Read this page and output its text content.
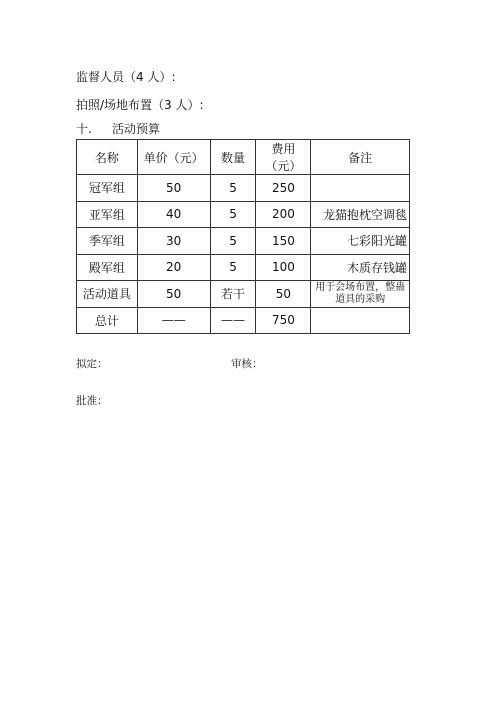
监督人员（4 人）:
拍照/场地布置（3 人）:
十. 活动预算
名称	单价（元）	数量	费用（元）	备注
冠军组	50	5	250	
亚军组	40	5	200	龙猫抱枕空调毯
季军组	30	5	150	七彩阳光罐
殿军组	20	5	100	木质存钱罐
活动道具	50	若干	50	用于会场布置，整蛊道具的采购
总计	——	——	750	
拟定：	审核：
批准：
